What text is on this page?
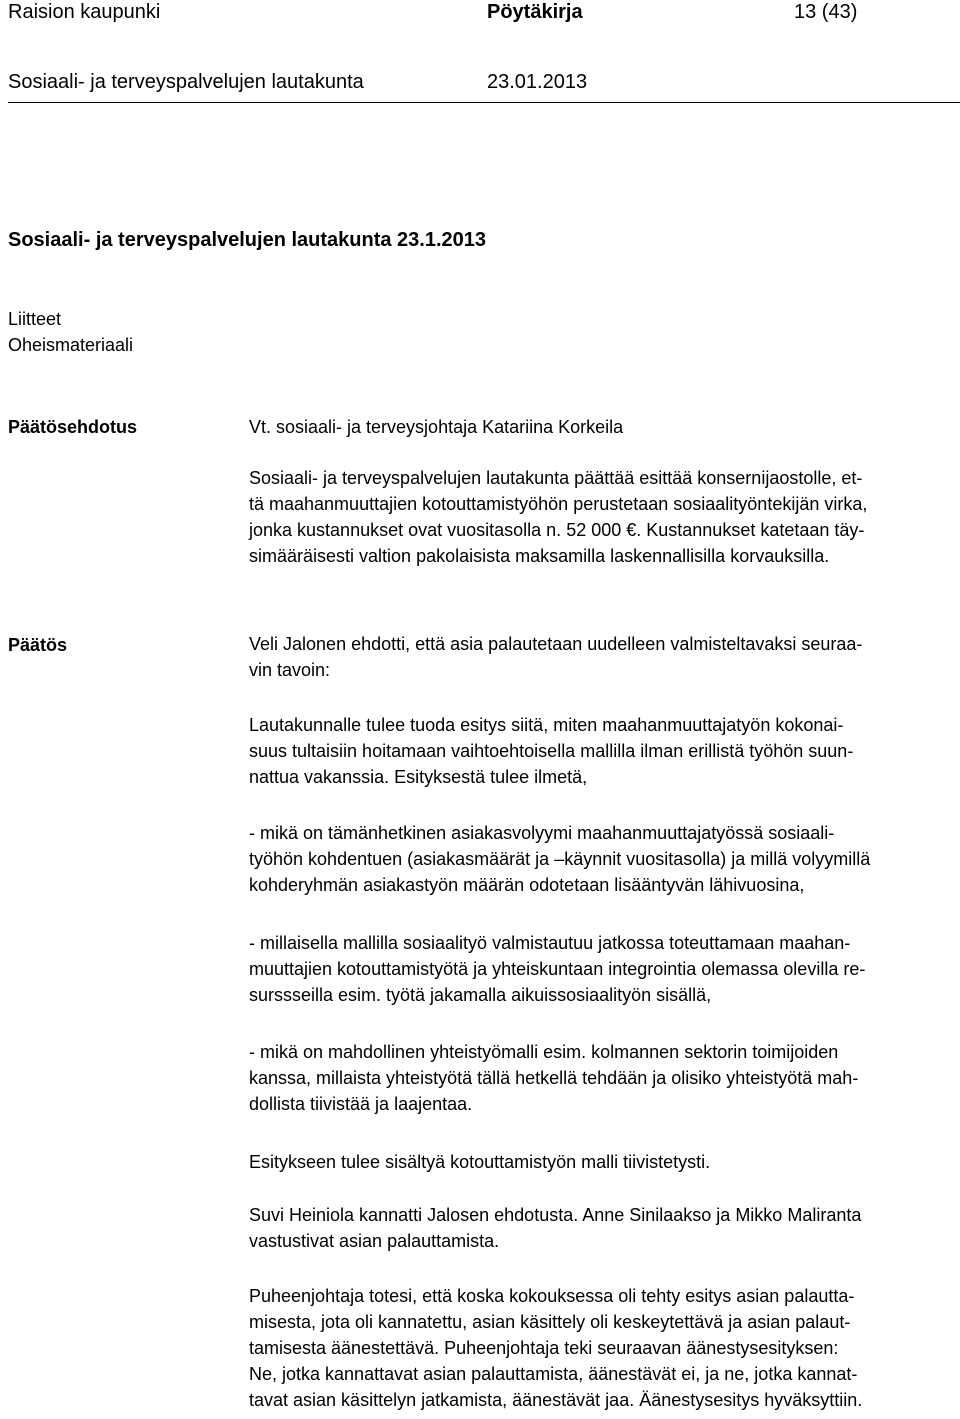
Raision kaupunki	Pöytäkirja	13 (43)
Sosiaali- ja terveyspalvelujen lautakunta	23.01.2013
Sosiaali- ja terveyspalvelujen lautakunta 23.1.2013
Liitteet
Oheismateriaali
Päätösehdotus	Vt. sosiaali- ja terveysjohtaja Katariina Korkeila

Sosiaali- ja terveyspalvelujen lautakunta päättää esittää konsernijaostolle, et-

tä maahanmuuttajien kotouttamistyöhön perustetaan sosiaalityöntekijän virka,

jonka kustannukset ovat vuositasolla n. 52 000 €. Kustannukset katetaan täy-

simääräisesti valtion pakolaisista maksamilla laskennallisilla korvauksilla.

Päätös	Veli Jalonen ehdotti, että asia palautetaan uudelleen valmisteltavaksi seuraa-

vin tavoin:

Lautakunnalle tulee tuoda esitys siitä, miten maahanmuuttajatyön kokonai-

suus tultaisiin hoitamaan vaihtoehtoisella mallilla ilman erillistä työhön suun-

nattua vakanssia. Esityksestä tulee ilmetä,

- mikä on tämänhetkinen asiakasvolyymi maahanmuuttajatyössä sosiaali-

työhön kohdentuen (asiakasmäärät ja –käynnit vuositasolla) ja millä volyymillä

kohderyhmän asiakastyön määrän odotetaan lisääntyvän lähivuosina,

- millaisella mallilla sosiaalityö valmistautuu jatkossa toteuttamaan maahan-

muuttajien kotouttamistyötä ja yhteiskuntaan integrointia olemassa olevilla re-

surssseilla esim. työtä jakamalla aikuissosiaalityön sisällä,

- mikä on mahdollinen yhteistyömalli esim. kolmannen sektorin toimijoiden

kanssa, millaista yhteistyötä tällä hetkellä tehdään ja olisiko yhteistyötä mah-

dollista tiivistää ja laajentaa.

Esitykseen tulee sisältyä kotouttamistyön malli tiivistetysti.

Suvi Heiniola kannatti Jalosen ehdotusta. Anne Sinilaakso ja Mikko Maliranta

vastustivat asian palauttamista.

Puheenjohtaja totesi, että koska kokouksessa oli tehty esitys asian palautta-

misesta, jota oli kannatettu, asian käsittely oli keskeytettävä ja asian palaut-

tamisesta äänestettävä. Puheenjohtaja teki seuraavan äänestysesityksen:

Ne, jotka kannattavat asian palauttamista, äänestävät ei, ja ne, jotka kannat-

tavat asian käsittelyn jatkamista, äänestävät jaa. Äänestysesitys hyväksyttiin.
